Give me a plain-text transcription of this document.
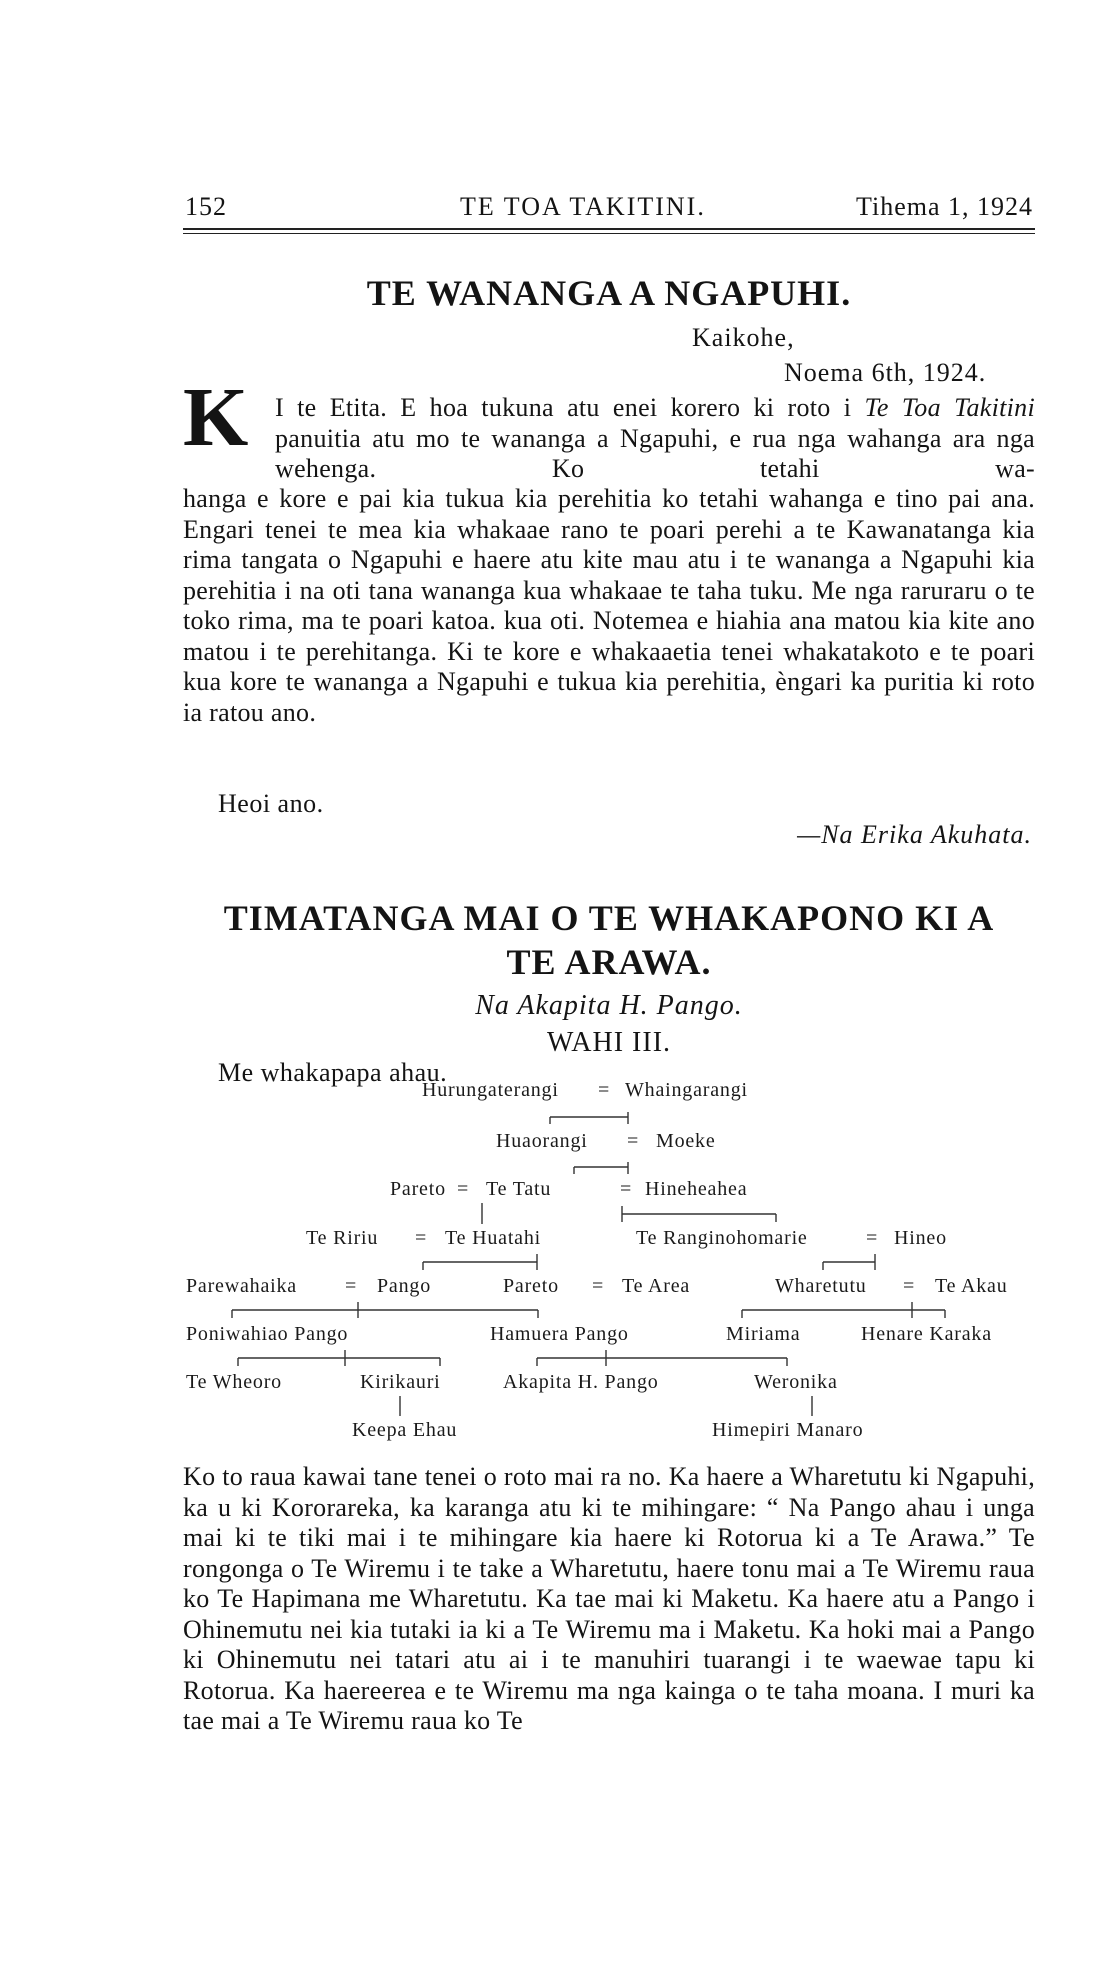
152	TE TOA TAKITINI.	Tihema 1, 1924
TE WANANGA A NGAPUHI.
Kaikohe,
Noema 6th, 1924.
K I te Etita. E hoa tukuna atu enei korero ki roto i Te Toa Takitini panuitia atu mo te wananga a Ngapuhi, e rua nga wahanga ara nga wehenga. Ko tetahi wa-
hanga e kore e pai kia tukua kia perehitia ko tetahi wahanga e tino pai ana. Engari tenei te mea kia whakaae rano te poari perehi a te Kawanatanga kia rima tangata o Ngapuhi e haere atu kite mau atu i te wananga a Ngapuhi kia perehitia i na oti tana wananga kua whakaae te taha tuku. Me nga raruraru o te toko rima, ma te poari katoa. kua oti. Notemea e hiahia ana matou kia kite ano matou i te perehitanga. Ki te kore e whakaaetia tenei whakatakoto e te poari kua kore te wananga a Ngapuhi e tukua kia perehitia, èngari ka puritia ki roto ia ratou ano.
Heoi ano.
—Na Erika Akuhata.
TIMATANGA MAI O TE WHAKAPONO KI A
TE ARAWA.
Na Akapita H. Pango.
WAHI III.
Me whakapapa ahau.
Hurungaterangi = Whaingarangi
Huaorangi = Moeke
Pareto = Te Tatu	= Hineheahea
Te Ririu = Te Huatahi	Te Ranginohomarie	= Hineo
Parewahaika = Pango	Pareto = Te Area	Wharetutu = Te Akau
Poniwahiao Pango	Hamuera Pango	Miriama	Henare Karaka
Te Wheoro	Kirikauri	Akapita H. Pango	Weronika
Keepa Ehau	Himepiri Manaro
Ko to raua kawai tane tenei o roto mai ra no. Ka haere a Wharetutu ki Ngapuhi, ka u ki Kororareka, ka karanga atu ki te mihingare: “ Na Pango ahau i unga mai ki te tiki mai i te mihingare kia haere ki Rotorua ki a Te Arawa.” Te rongonga o Te Wiremu i te take a Wharetutu, haere tonu mai a Te Wiremu raua ko Te Hapimana me Wharetutu. Ka tae mai ki Maketu. Ka haere atu a Pango i Ohinemutu nei kia tutaki ia ki a Te Wiremu ma i Maketu. Ka hoki mai a Pango ki Ohinemutu nei tatari atu ai i te manuhiri tuarangi i te waewae tapu ki Rotorua. Ka haereerea e te Wiremu ma nga kainga o te taha moana. I muri ka tae mai a Te Wiremu raua ko Te
